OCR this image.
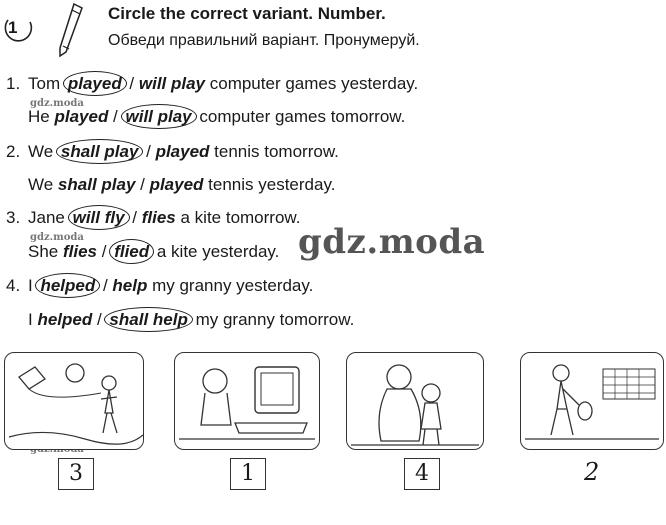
1
Circle the correct variant. Number.
Обведи правильний варіант. Пронумеруй.
1. Tom played / will play computer games yesterday.
He played / will play computer games tomorrow.
2. We shall play / played tennis tomorrow.
We shall play / played tennis yesterday.
3. Jane will fly / flies a kite tomorrow.
She flies / flied a kite yesterday.
4. I helped / help my granny yesterday.
I helped / shall help my granny tomorrow.
gdz.moda
gdz.moda	gdz.moda
3	1	4	2
